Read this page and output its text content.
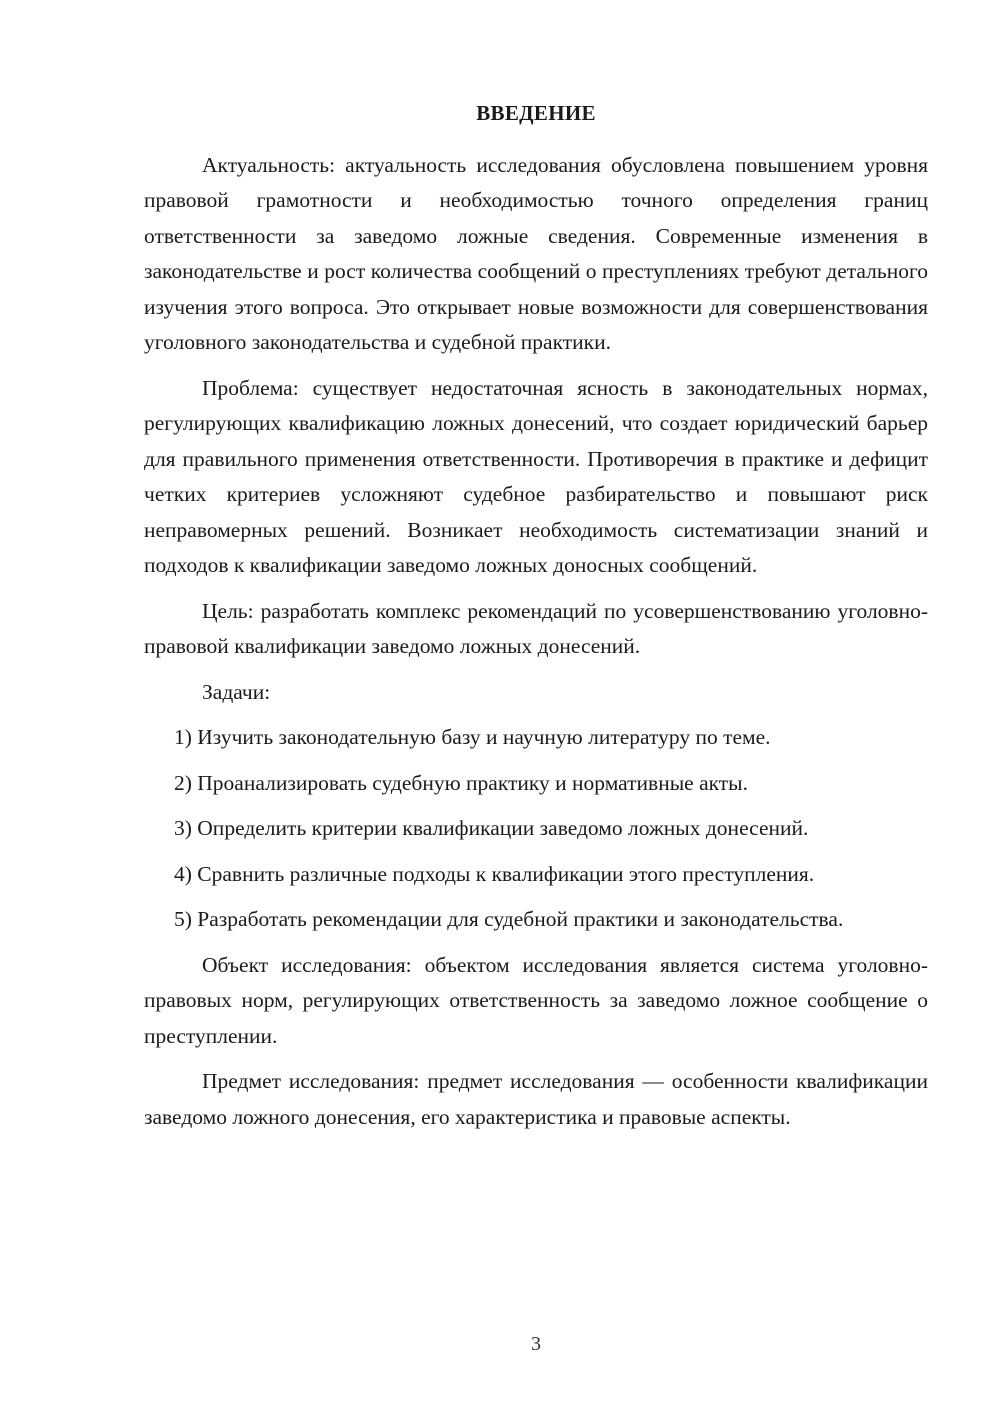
ВВЕДЕНИЕ

Актуальность: актуальность исследования обусловлена повышением уровня правовой грамотности и необходимостью точного определения границ ответственности за заведомо ложные сведения. Современные изменения в законодательстве и рост количества сообщений о преступлениях требуют детального изучения этого вопроса. Это открывает новые возможности для совершенствования уголовного законодательства и судебной практики.

Проблема: существует недостаточная ясность в законодательных нормах, регулирующих квалификацию ложных донесений, что создает юридический барьер для правильного применения ответственности. Противоречия в практике и дефицит четких критериев усложняют судебное разбирательство и повышают риск неправомерных решений. Возникает необходимость систематизации знаний и подходов к квалификации заведомо ложных доносных сообщений.

Цель: разработать комплекс рекомендаций по усовершенствованию уголовно-правовой квалификации заведомо ложных донесений.

Задачи:

1) Изучить законодательную базу и научную литературу по теме.

2) Проанализировать судебную практику и нормативные акты.

3) Определить критерии квалификации заведомо ложных донесений.

4) Сравнить различные подходы к квалификации этого преступления.

5) Разработать рекомендации для судебной практики и законодательства.

Объект исследования: объектом исследования является система уголовно-правовых норм, регулирующих ответственность за заведомо ложное сообщение о преступлении.

Предмет исследования: предмет исследования — особенности квалификации заведомо ложного донесения, его характеристика и правовые аспекты.

3
